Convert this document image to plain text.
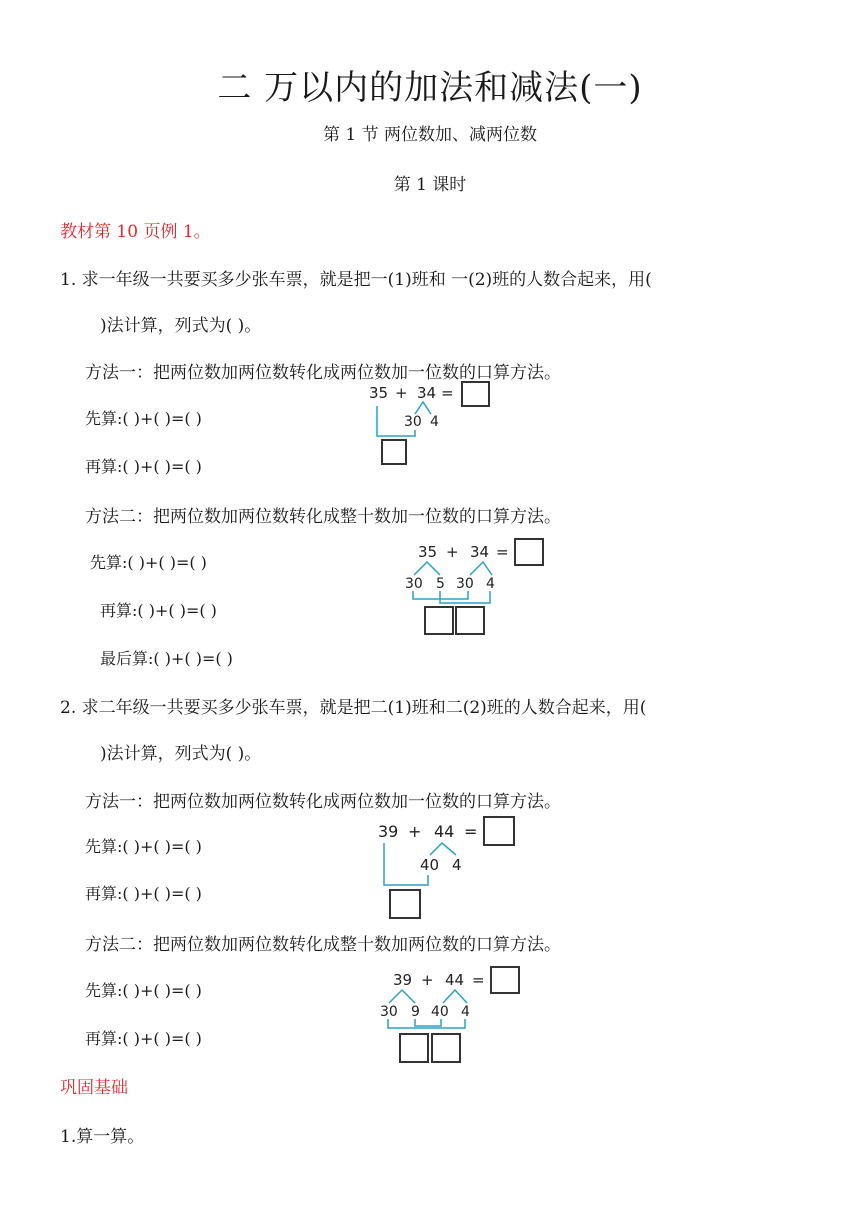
二 万以内的加法和减法(一)
第 1 节 两位数加、减两位数
第 1 课时
教材第 10 页例 1。
1. 求一年级一共要买多少张车票，就是把一(1)班和 一(2)班的人数合起来，用(
)法计算，列式为( )。
方法一：把两位数加两位数转化成两位数加一位数的口算方法。
先算:( )+( )=( )
再算:( )+( )=( )
35 + 34 =
30 4
方法二：把两位数加两位数转化成整十数加一位数的口算方法。
先算:( )+( )=( )
再算:( )+( )=( )
最后算:( )+( )=( )
35 + 34 =
30 5 30 4
2. 求二年级一共要买多少张车票，就是把二(1)班和二(2)班的人数合起来，用(
)法计算，列式为( )。
方法一：把两位数加两位数转化成两位数加一位数的口算方法。
先算:( )+( )=( )
再算:( )+( )=( )
39 + 44 =
40 4
方法二：把两位数加两位数转化成整十数加两位数的口算方法。
先算:( )+( )=( )
再算:( )+( )=( )
39 + 44 =
30 9 40 4
巩固基础
1.算一算。
